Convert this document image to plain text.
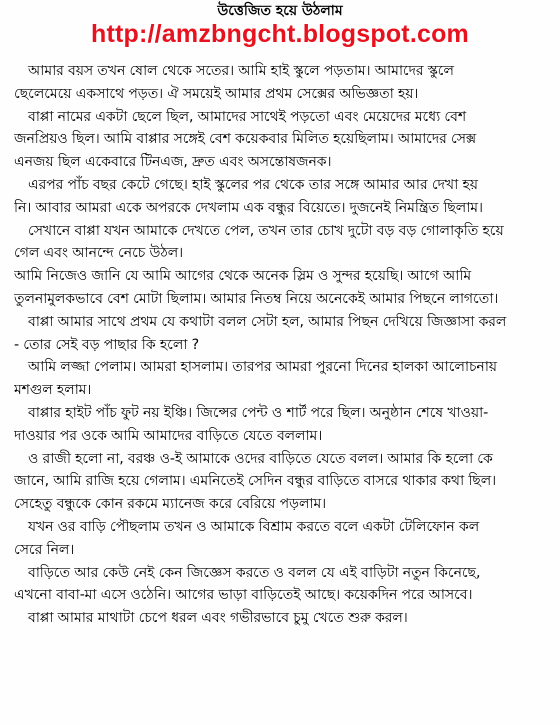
উত্তেজিত হয়ে উঠলাম
http://amzbngcht.blogspot.com
আমার বয়স তখন ষোল থেকে সতের। আমি হাই স্কুলে পড়তাম। আমাদের স্কুলে
ছেলেমেয়ে একসাথে পড়ত। ঐ সময়েই আমার প্রথম সেক্সের অভিজ্ঞতা হয়।
বাপ্পা নামের একটা ছেলে ছিল, আমাদের সাথেই পড়তো এবং মেয়েদের মধ্যে বেশ
জনপ্রিয়ও ছিল। আমি বাপ্পার সঙ্গেই বেশ কয়েকবার মিলিত হয়েছিলাম। আমাদের সেক্স
এনজয় ছিল একেবারে টিনএজ, দ্রুত এবং অসন্তোষজনক।
এরপর পাঁচ বছর কেটে গেছে। হাই স্কুলের পর থেকে তার সঙ্গে আমার আর দেখা হয়
নি। আবার আমরা একে অপরকে দেখলাম এক বন্ধুর বিয়েতে। দুজনেই নিমন্ত্রিত ছিলাম।
সেখানে বাপ্পা যখন আমাকে দেখতে পেল, তখন তার চোখ দুটো বড় বড় গোলাকৃতি হয়ে
গেল এবং আনন্দে নেচে উঠল।
আমি নিজেও জানি যে আমি আগের থেকে অনেক স্লিম ও সুন্দর হয়েছি। আগে আমি
তুলনামুলকভাবে বেশ মোটা ছিলাম। আমার নিতম্ব নিয়ে অনেকেই আমার পিছনে লাগতো।
বাপ্পা আমার সাথে প্রথম যে কথাটা বলল সেটা হল, আমার পিছন দেখিয়ে জিজ্ঞাসা করল
- তোর সেই বড় পাছার কি হলো ?
আমি লজ্জা পেলাম। আমরা হাসলাম। তারপর আমরা পুরনো দিনের হালকা আলোচনায়
মশগুল হলাম।
বাপ্পার হাইট পাঁচ ফুট নয় ইঞ্চি। জিন্সের পেন্ট ও শার্ট পরে ছিল। অনুষ্ঠান শেষে খাওয়া-
দাওয়ার পর ওকে আমি আমাদের বাড়িতে যেতে বললাম।
ও রাজী হলো না, বরঞ্চ ও-ই আমাকে ওদের বাড়িতে যেতে বলল। আমার কি হলো কে
জানে, আমি রাজি হয়ে গেলাম। এমনিতেই সেদিন বন্ধুর বাড়িতে বাসরে থাকার কথা ছিল।
সেহেতু বন্ধুকে কোন রকমে ম্যানেজ করে বেরিয়ে পড়লাম।
যখন ওর বাড়ি পৌছলাম তখন ও আমাকে বিশ্রাম করতে বলে একটা টেলিফোন কল
সেরে নিল।
বাড়িতে আর কেউ নেই কেন জিজ্ঞেস করতে ও বলল যে এই বাড়িটা নতুন কিনেছে,
এখনো বাবা-মা এসে ওঠেনি। আগের ভাড়া বাড়িতেই আছে। কয়েকদিন পরে আসবে।
বাপ্পা আমার মাথাটা চেপে ধরল এবং গভীরভাবে চুমু খেতে শুরু করল।
